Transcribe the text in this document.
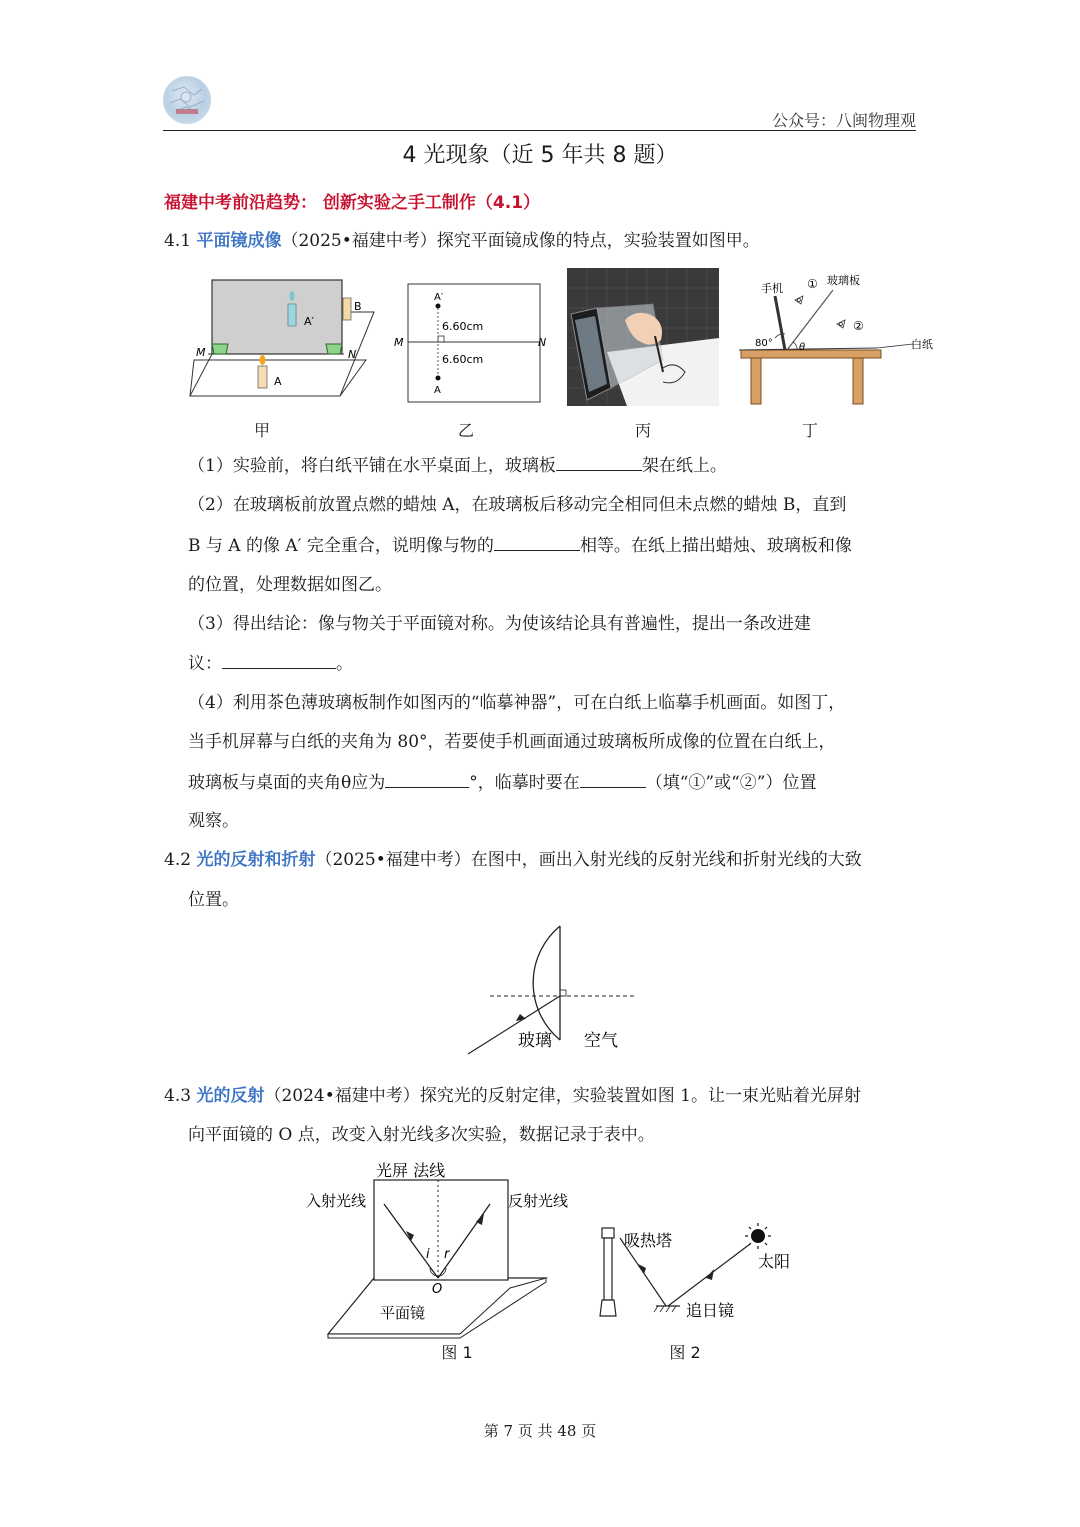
公众号：八闽物理观
4 光现象（近 5 年共 8 题）
福建中考前沿趋势： 创新实验之手工制作（4.1）
4.1 平面镜成像（2025•福建中考）探究平面镜成像的特点，实验装置如图甲。
A′
B
A
M	N
甲
A′
A
6.60cm
6.60cm
M	N
乙	丙
手机 ① 玻璃板
②
白纸
80°	θ
丁
（1）实验前，将白纸平铺在水平桌面上，玻璃板	架在纸上。
（2）在玻璃板前放置点燃的蜡烛 A，在玻璃板后移动完全相同但未点燃的蜡烛 B，直到
B 与 A 的像 A′ 完全重合，说明像与物的	相等。在纸上描出蜡烛、玻璃板和像
的位置，处理数据如图乙。
（3）得出结论：像与物关于平面镜对称。为使该结论具有普遍性，提出一条改进建
议：	。
（4）利用茶色薄玻璃板制作如图丙的“临摹神器”，可在白纸上临摹手机画面。如图丁，
当手机屏幕与白纸的夹角为 80°，若要使手机画面通过玻璃板所成像的位置在白纸上，
玻璃板与桌面的夹角θ应为	°，临摹时要在	（填“①”或“②”）位置
观察。
4.2 光的反射和折射（2025•福建中考）在图中，画出入射光线的反射光线和折射光线的大致
位置。
玻璃 空气
4.3 光的反射（2024•福建中考）探究光的反射定律，实验装置如图 1。让一束光贴着光屏射
向平面镜的 O 点，改变入射光线多次实验，数据记录于表中。
光屏 法线
入射光线	反射光线
i r
O
平面镜
图 1
吸热塔
太阳
追日镜
图 2
第 7 页 共 48 页
